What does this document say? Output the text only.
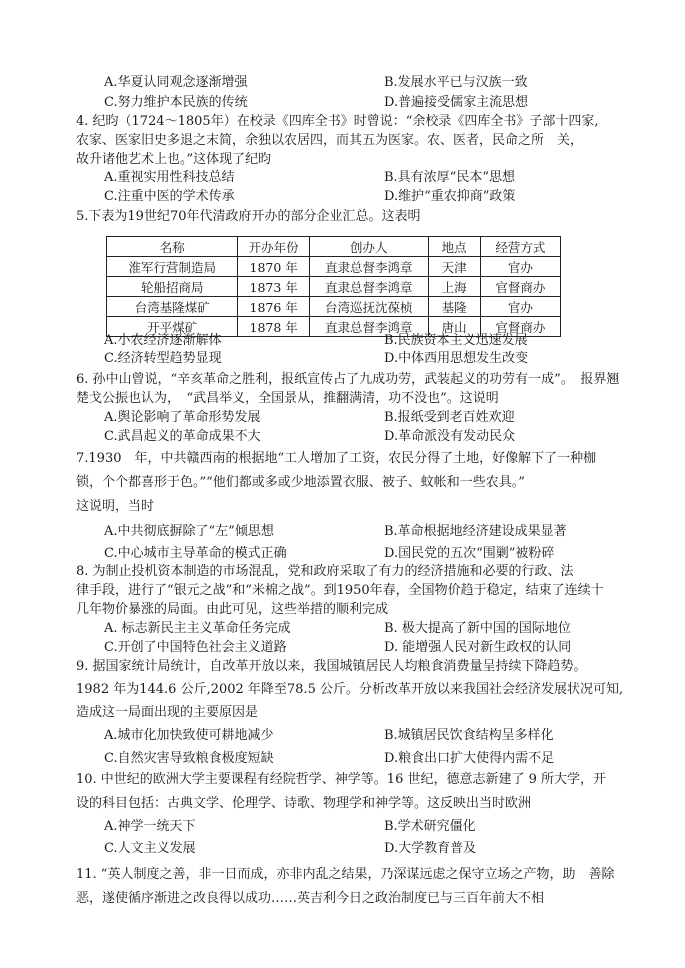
A.华夏认同观念逐渐增强	B.发展水平已与汉族一致
C.努力维护本民族的传统	D.普遍接受儒家主流思想
4. 纪昀（1724～1805年）在校录《四库全书》时曾说：“余校录《四库全书》子部十四家,
农家、医家旧史多退之末简，余独以农居四，而其五为医家。农、医者，民命之所　关，
故升诸他艺术上也。”这体现了纪昀
A.重视实用性科技总结	B.具有浓厚“民本”思想
C.注重中医的学术传承	D.维护“重农抑商”政策
5.下表为19世纪70年代清政府开办的部分企业汇总。这表明
名称	开办年份	创办人	地点	经营方式
淮军行营制造局	1870 年	直隶总督李鸿章	天津	官办
轮船招商局	1873 年	直隶总督李鸿章	上海	官督商办
台湾基隆煤矿	1876 年	台湾巡抚沈葆桢	基隆	官办
开平煤矿	1878 年	直隶总督李鸿章	唐山	官督商办
A.小农经济逐渐解体	B.民族资本主义迅速发展
C.经济转型趋势显现	D.中体西用思想发生改变
6. 孙中山曾说，“辛亥革命之胜利，报纸宣传占了九成功劳，武装起义的功劳有一成”。　报界翘
楚戈公振也认为，　“武昌举义，全国景从，推翻满清，功不没也”。这说明
A.舆论影响了革命形势发展	B.报纸受到老百姓欢迎
C.武昌起义的革命成果不大	D.革命派没有发动民众
7.1930　年，中共赣西南的根据地“工人增加了工资，农民分得了土地，好像解下了一种枷
锁，个个都喜形于色。”“他们都或多或少地添置衣服、被子、蚊帐和一些农具。”
这说明，当时
A.中共彻底摒除了“左”倾思想	B.革命根据地经济建设成果显著
C.中心城市主导革命的模式正确	D.国民党的五次“围剿”被粉碎
8. 为制止投机资本制造的市场混乱，党和政府采取了有力的经济措施和必要的行政、法
律手段，进行了“银元之战”和“米棉之战”。到1950年春，全国物价趋于稳定，结束了连续十
几年物价暴涨的局面。由此可见，这些举措的顺利完成
A. 标志新民主主义革命任务完成	B. 极大提高了新中国的国际地位
C.开创了中国特色社会主义道路	D. 能增强人民对新生政权的认同
9. 据国家统计局统计，自改革开放以来，我国城镇居民人均粮食消费量呈持续下降趋势。
1982 年为144.6 公斤,2002 年降至78.5 公斤。分析改革开放以来我国社会经济发展状况可知,
造成这一局面出现的主要原因是
A.城市化加快致使可耕地减少	B.城镇居民饮食结构呈多样化
C.自然灾害导致粮食极度短缺	D.粮食出口扩大使得内需不足
10. 中世纪的欧洲大学主要课程有经院哲学、神学等。16 世纪，德意志新建了 9 所大学，开
设的科目包括：古典文学、伦理学、诗歌、物理学和神学等。这反映出当时欧洲
A.神学一统天下	B.学术研究僵化
C.人文主义发展	D.大学教育普及
11. “英人制度之善，非一日而成，亦非内乱之结果，乃深谋远虑之保守立场之产物，助　善除
恶，遂使循序渐进之改良得以成功……英吉利今日之政治制度已与三百年前大不相
